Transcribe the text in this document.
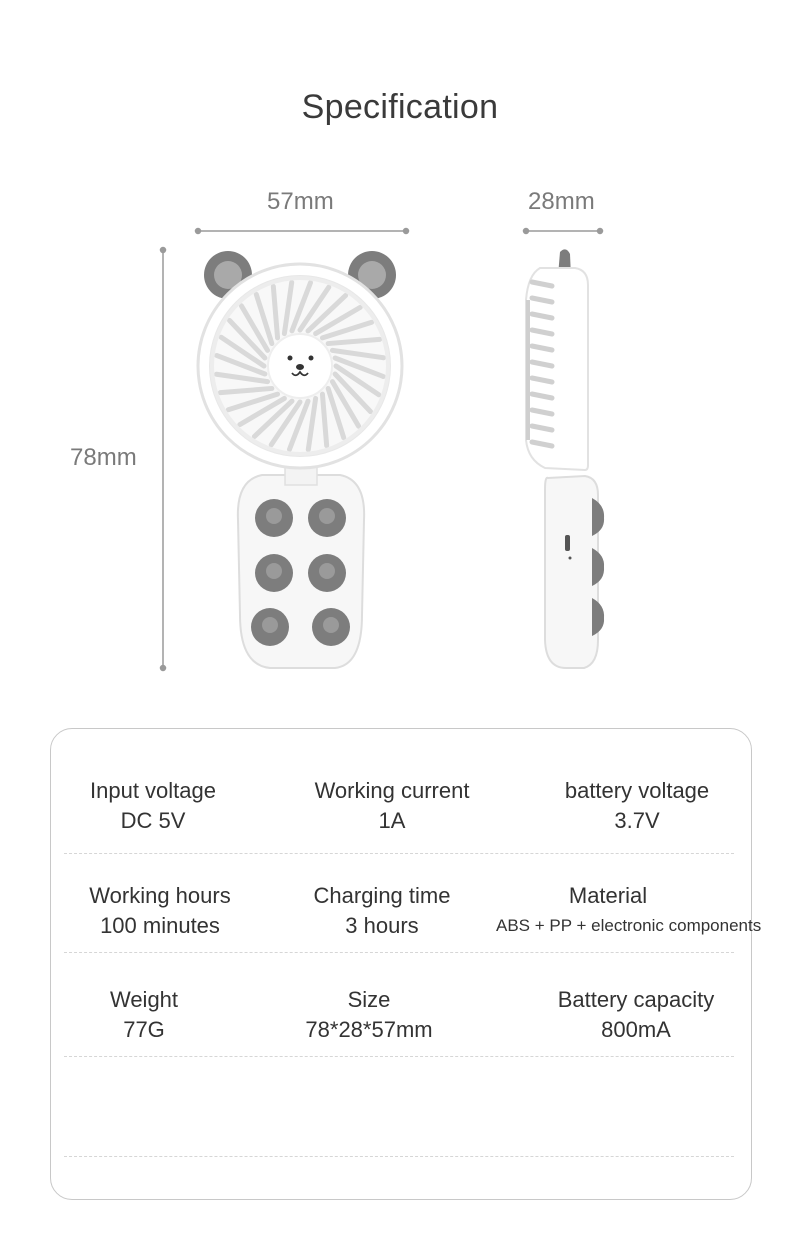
Specification
57mm	28mm
78mm
Input voltage
DC 5V
Working current
1A
battery voltage
3.7V
Working hours
100 minutes
Charging time
3 hours
Material
ABS + PP + electronic components
Weight
77G
Size
78*28*57mm
Battery capacity
800mA
